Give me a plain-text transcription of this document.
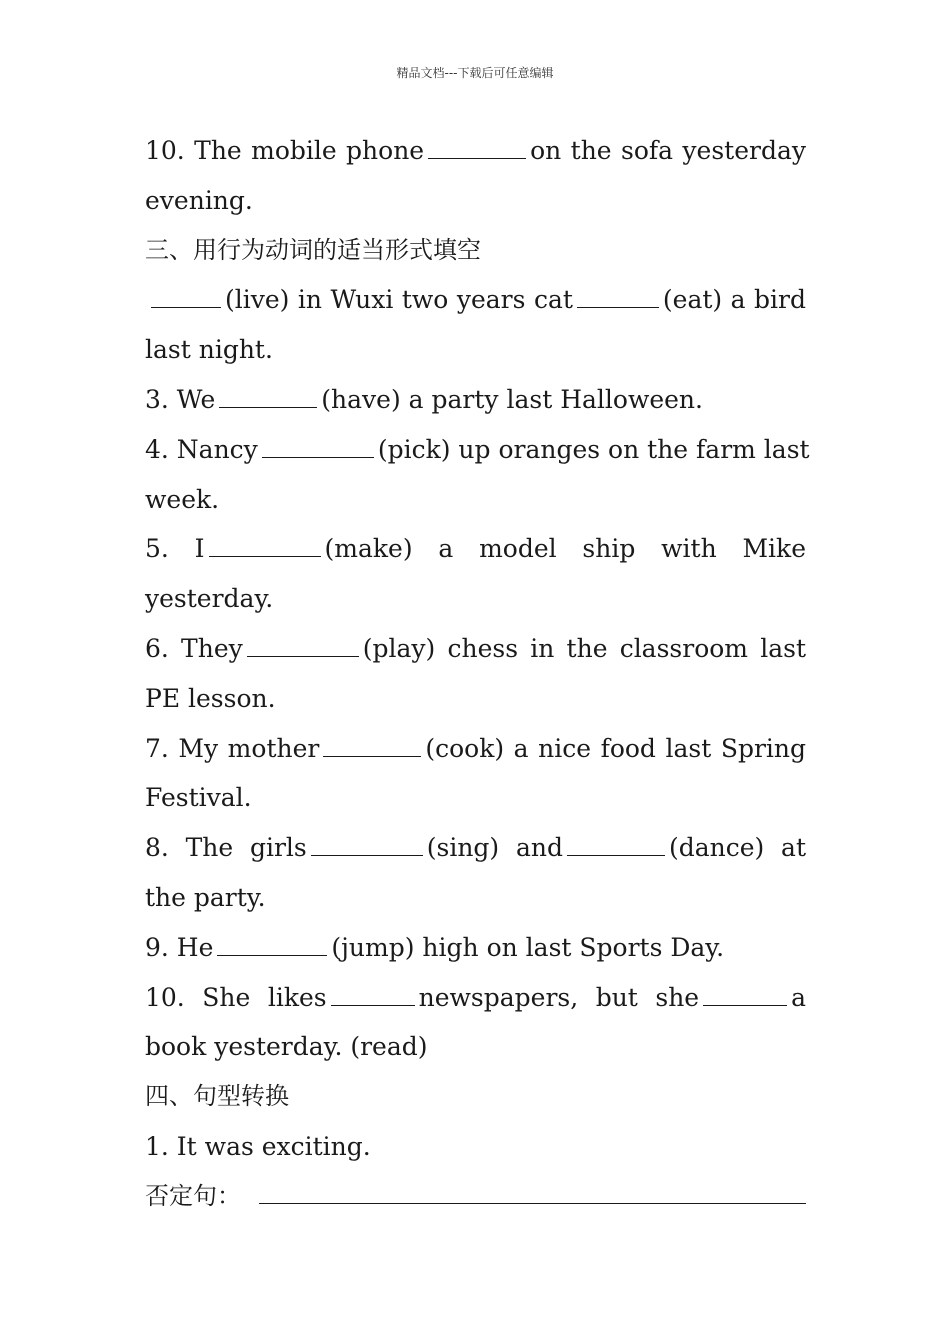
精品文档---下载后可任意编辑
10. The mobile phone	on the sofa yesterday
evening.
三、用行为动词的适当形式填空
(live) in Wuxi two years cat	(eat) a bird
last night.
3. We	(have) a party last Halloween.
4. Nancy	(pick) up oranges on the farm last
week.
5. I	(make) a model ship with Mike
yesterday.
6. They	(play) chess in the classroom last
PE lesson.
7. My mother	(cook) a nice food last Spring
Festival.
8. The girls	(sing) and	(dance) at
the party.
9. He	(jump) high on last Sports Day.
10. She likes	newspapers, but she	a
book yesterday. (read)
四、句型转换
1. It was exciting.
否定句：
